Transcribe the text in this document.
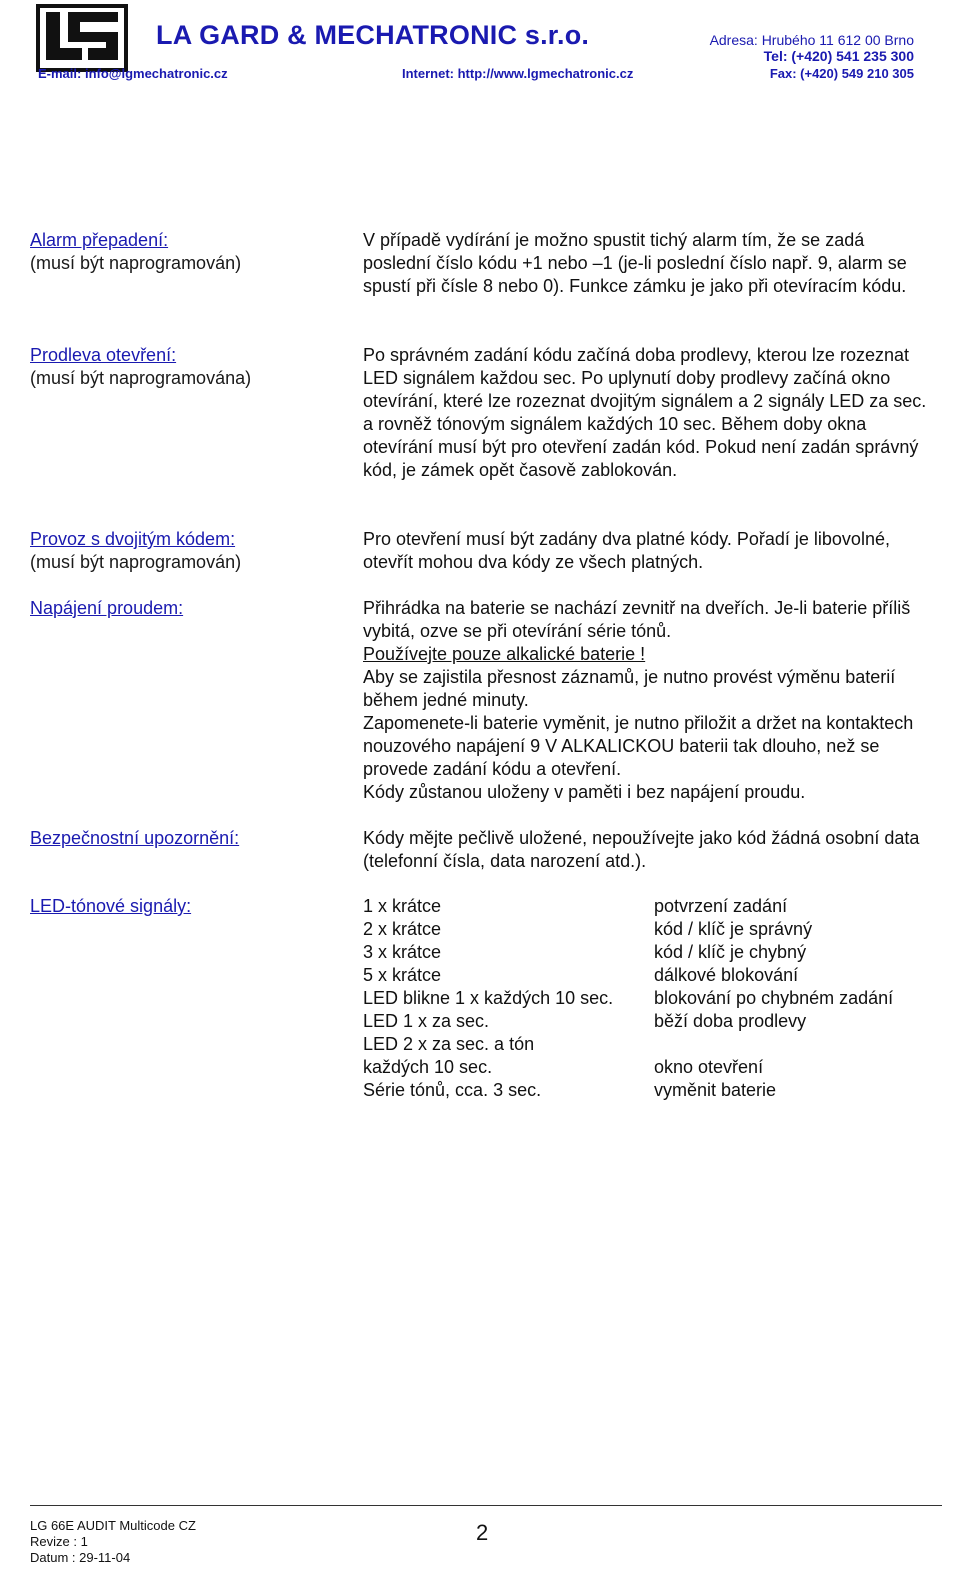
LA GARD & MECHATRONIC s.r.o.	Adresa: Hrubého 11 612 00 Brno
Tel: (+420) 541 235 300
E-mail: info@lgmechatronic.cz	Internet: http://www.lgmechatronic.cz	Fax: (+420) 549 210 305
Alarm přepadení:
(musí být naprogramován)

V případě vydírání je možno spustit tichý alarm tím, že se zadá poslední číslo kódu +1 nebo –1 (je-li poslední číslo např. 9, alarm se spustí při čísle 8 nebo 0). Funkce zámku je jako při otevíracím kódu.

Prodleva otevření:
(musí být naprogramována)

Po správném zadání kódu začíná doba prodlevy, kterou lze rozeznat LED signálem každou sec. Po uplynutí doby prodlevy začíná okno otevírání, které lze rozeznat dvojitým signálem a 2 signály LED za sec. a rovněž tónovým signálem každých 10 sec. Během doby okna otevírání musí být pro otevření zadán kód. Pokud není zadán správný kód, je zámek opět časově zablokován.

Provoz s dvojitým kódem:
(musí být naprogramován)

Pro otevření musí být zadány dva platné kódy. Pořadí je libovolné, otevřít mohou dva kódy ze všech platných.

Napájení proudem:	Přihrádka na baterie se nachází zevnitř na dveřích. Je-li baterie příliš vybitá, ozve se při otevírání série tónů.

Používejte pouze alkalické baterie !

Aby se zajistila přesnost záznamů, je nutno provést výměnu baterií během jedné minuty.

Zapomenete-li baterie vyměnit, je nutno přiložit a držet na kontaktech nouzového napájení 9 V ALKALICKOU baterii tak dlouho, než se provede zadání kódu a otevření.

Kódy zůstanou uloženy v paměti i bez napájení proudu.

Bezpečnostní upozornění:	Kódy mějte pečlivě uložené, nepoužívejte jako kód žádná osobní data (telefonní čísla, data narození atd.).

LED-tónové signály:	1 x krátce	potvrzení zadání
2 x krátce	kód / klíč je správný
3 x krátce	kód / klíč je chybný
5 x krátce	dálkové blokování
LED blikne 1 x každých 10 sec.	blokování po chybném zadání
LED 1 x za sec.	běží doba prodlevy
LED 2 x za sec. a tón
každých 10 sec.	okno otevření
Série tónů, cca. 3 sec.	vyměnit baterie
LG 66E AUDIT Multicode CZ
Revize : 1
Datum : 29-11-04
2
